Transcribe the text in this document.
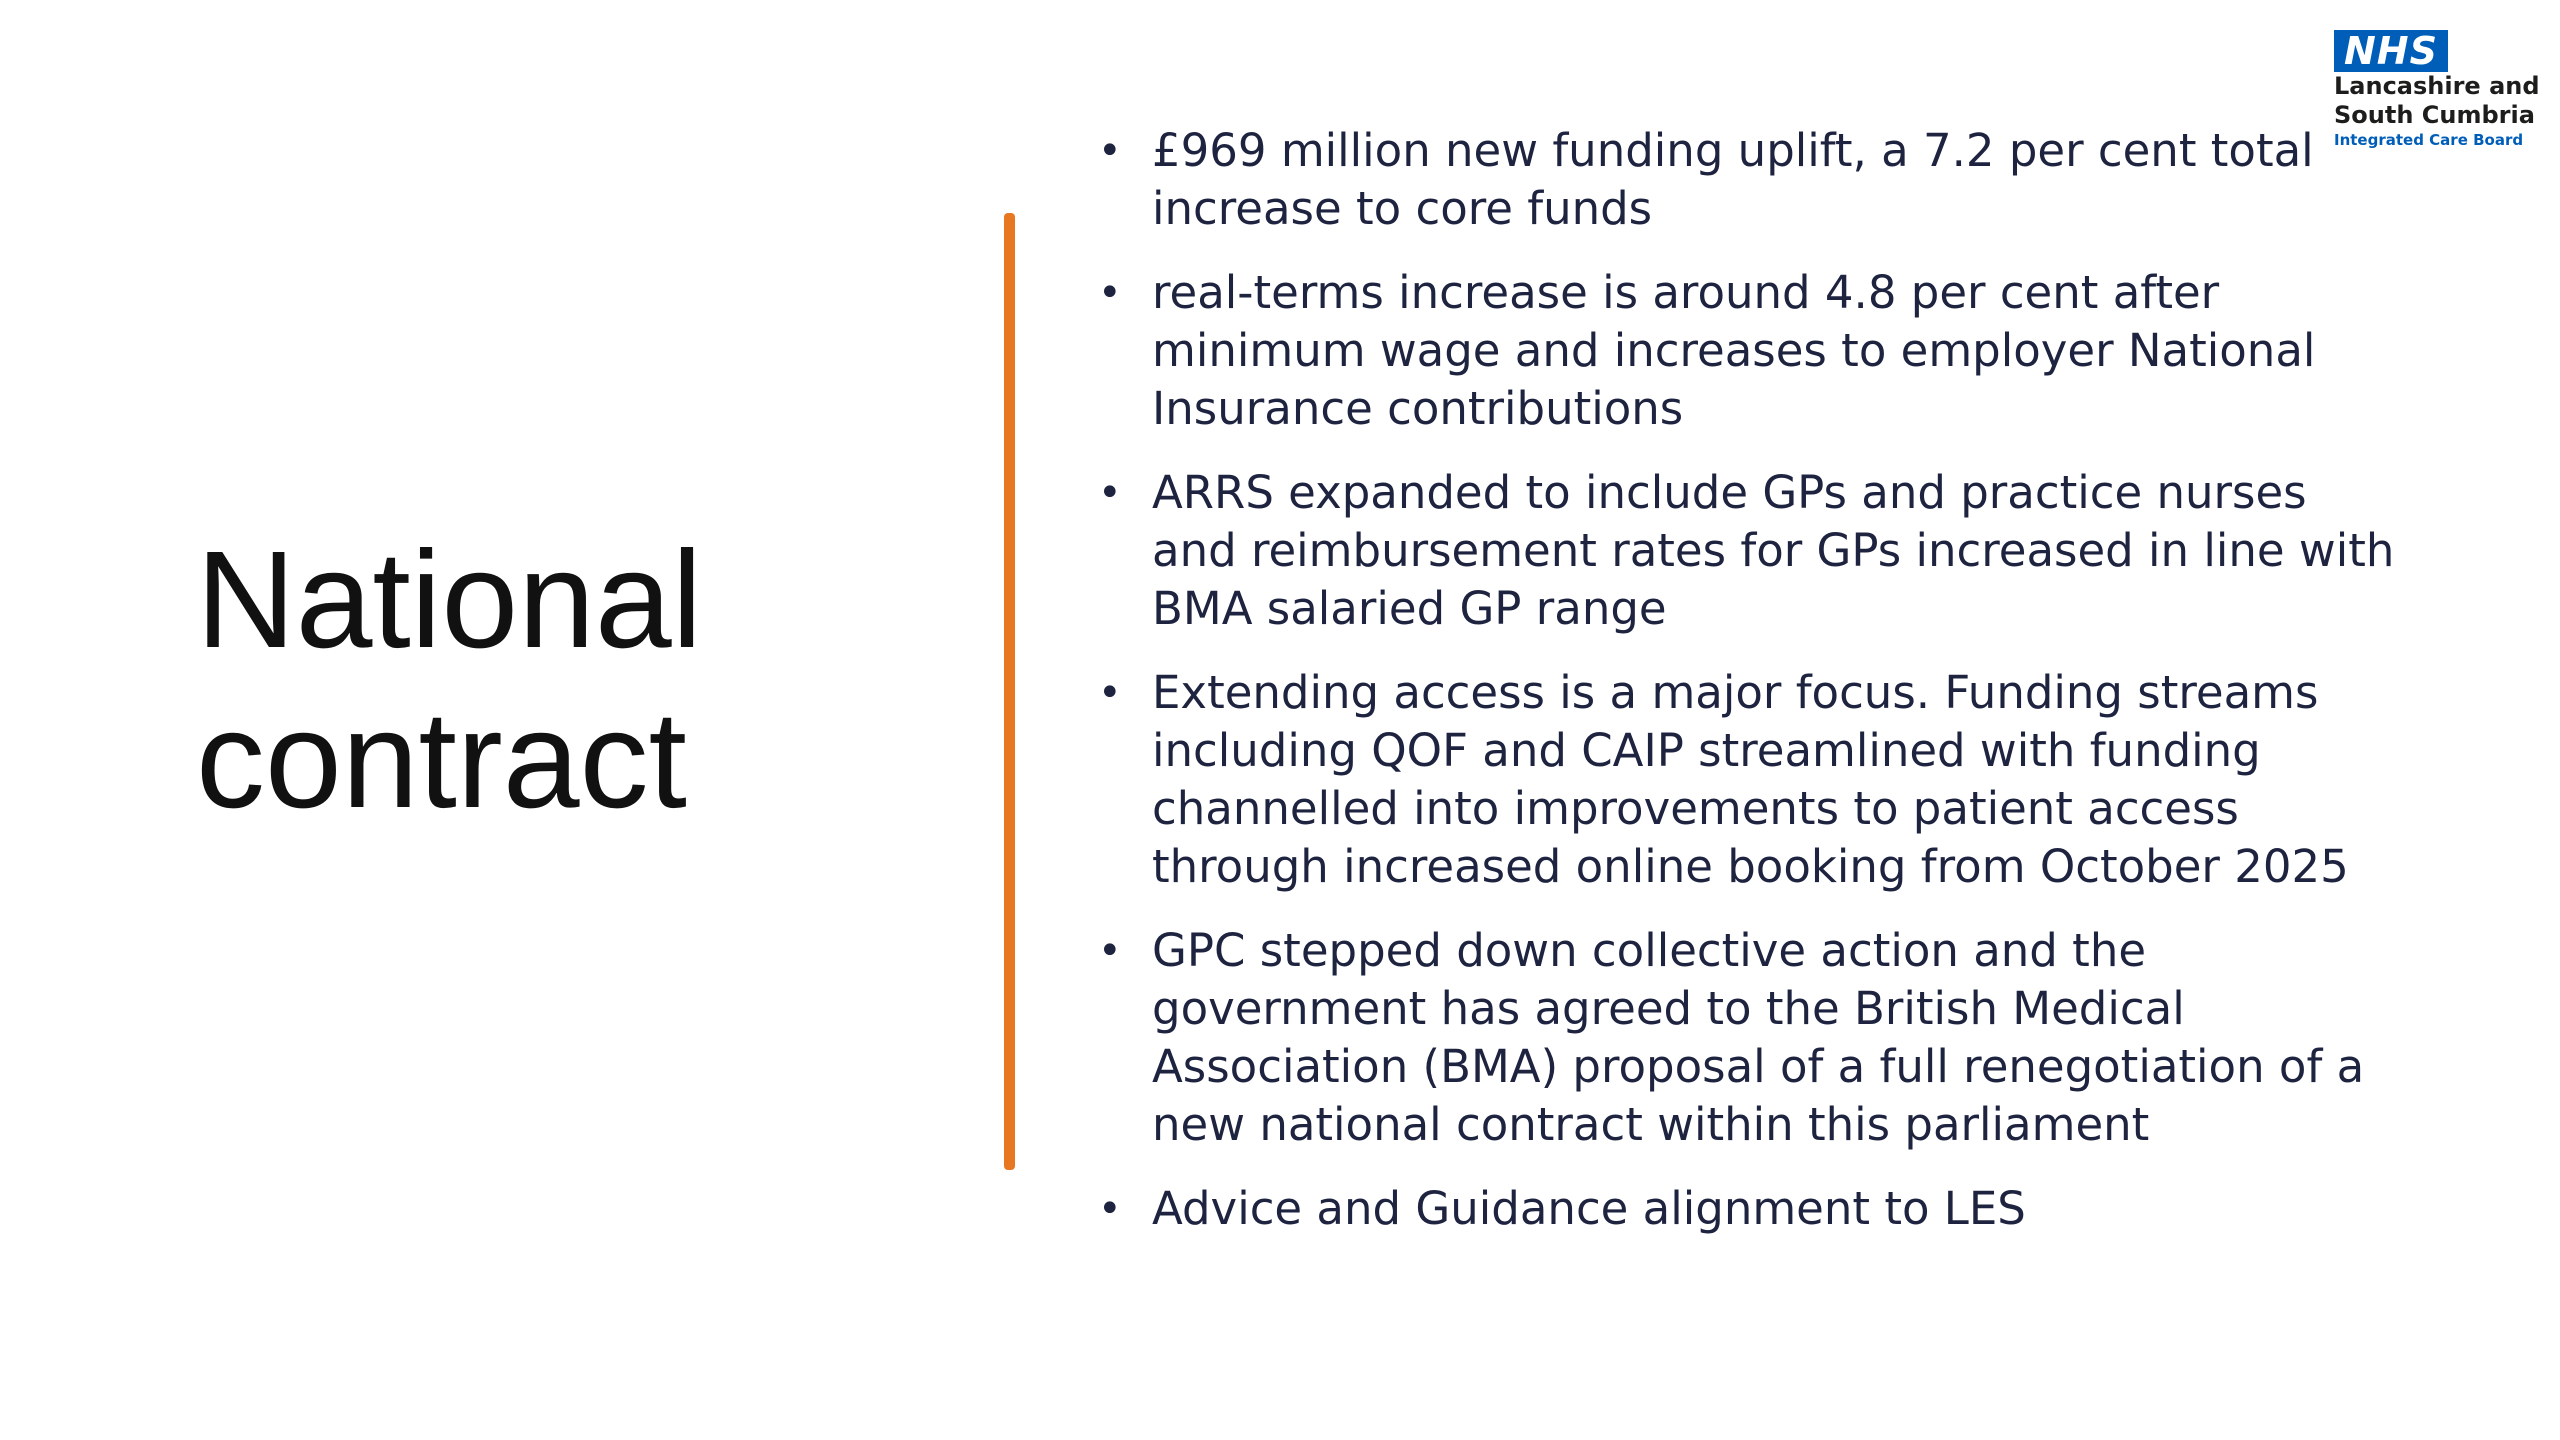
National
contract
• £969 million new funding uplift, a 7.2 per cent total increase to core funds
• real-terms increase is around 4.8 per cent after minimum wage and increases to employer National Insurance contributions
• ARRS expanded to include GPs and practice nurses and reimbursement rates for GPs increased in line with BMA salaried GP range
• Extending access is a major focus. Funding streams including QOF and CAIP streamlined with funding channelled into improvements to patient access through increased online booking from October 2025
• GPC stepped down collective action and the government has agreed to the British Medical Association (BMA) proposal of a full renegotiation of a new national contract within this parliament
• Advice and Guidance alignment to LES
NHS
Lancashire and
South Cumbria
Integrated Care Board
